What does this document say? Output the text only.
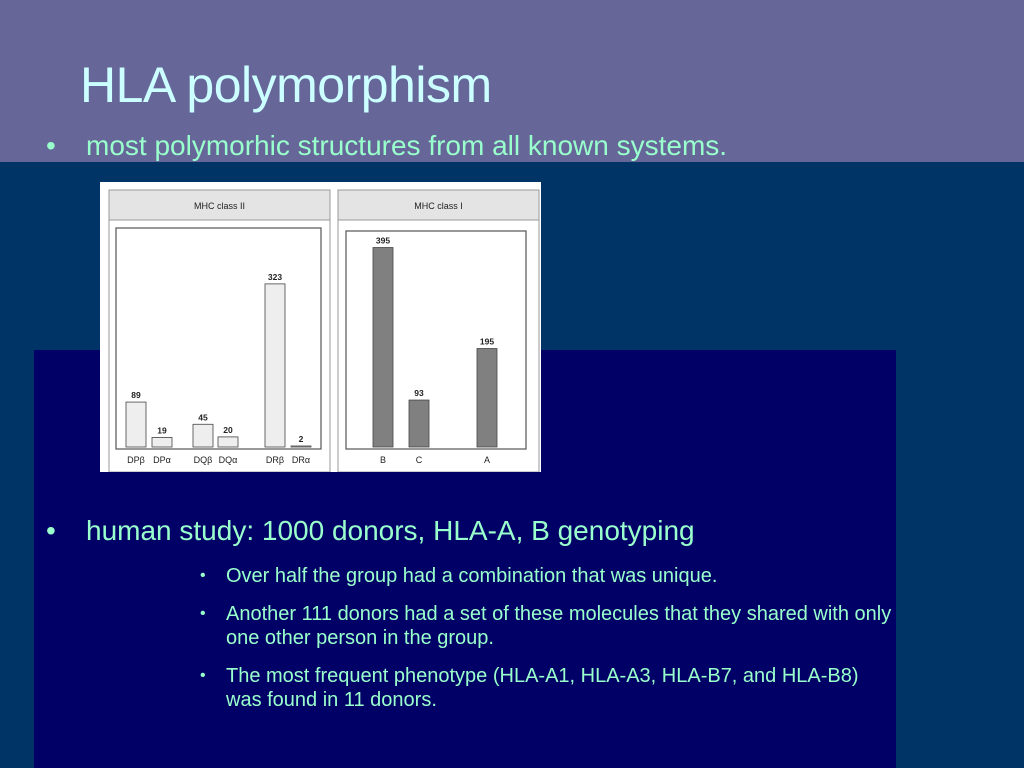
HLA polymorphism
• most polymorhic structures from all known systems.
MHC class II
89
DPβ
19
DPα
45
DQβ
20
DQα
323
DRβ
2
DRα
MHC class I
395
B
93
C
195
A
• human study: 1000 donors, HLA-A, B genotyping
• Over half the group had a combination that was unique.
• Another 111 donors had a set of these molecules that they shared with only one other person in the group.
• The most frequent phenotype (HLA-A1, HLA-A3, HLA-B7, and HLA-B8) was found in 11 donors.
